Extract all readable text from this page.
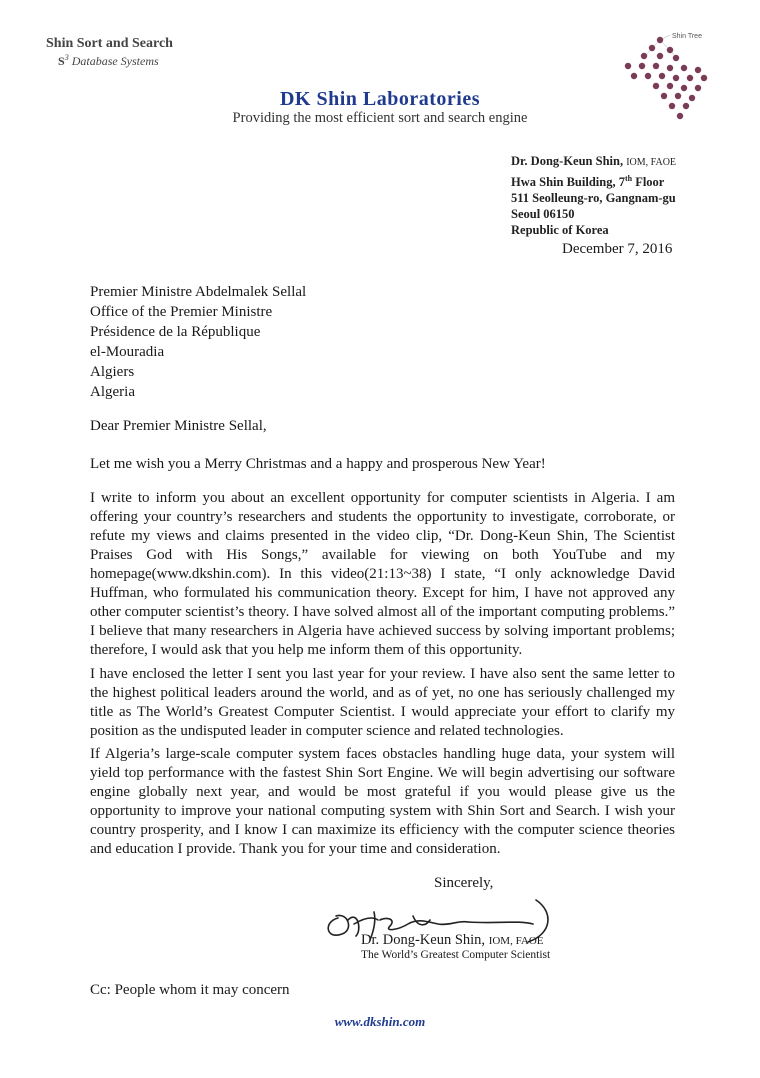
Shin Sort and Search
$S^3$ Database Systems
Shin Tree
DK Shin Laboratories
Providing the most efficient sort and search engine
Dr. Dong-Keun Shin, IOM, FAOE
Hwa Shin Building, 7th Floor
511 Seolleung-ro, Gangnam-gu
Seoul 06150
Republic of Korea
December 7, 2016
Premier Ministre Abdelmalek Sellal
Office of the Premier Ministre
Présidence de la République
el-Mouradia
Algiers
Algeria
Dear Premier Ministre Sellal,
Let me wish you a Merry Christmas and a happy and prosperous New Year!
I write to inform you about an excellent opportunity for computer scientists in Algeria. I am offering your country’s researchers and students the opportunity to investigate, corroborate, or refute my views and claims presented in the video clip, “Dr. Dong-Keun Shin, The Scientist Praises God with His Songs,” available for viewing on both YouTube and my homepage(www.dkshin.com). In this video(21:13~38) I state, “I only acknowledge David Huffman, who formulated his communication theory. Except for him, I have not approved any other computer scientist’s theory. I have solved almost all of the important computing problems.” I believe that many researchers in Algeria have achieved success by solving important problems; therefore, I would ask that you help me inform them of this opportunity.
I have enclosed the letter I sent you last year for your review. I have also sent the same letter to the highest political leaders around the world, and as of yet, no one has seriously challenged my title as The World’s Greatest Computer Scientist. I would appreciate your effort to clarify my position as the undisputed leader in computer science and related technologies.
If Algeria’s large-scale computer system faces obstacles handling huge data, your system will yield top performance with the fastest Shin Sort Engine. We will begin advertising our software engine globally next year, and would be most grateful if you would please give us the opportunity to improve your national computing system with Shin Sort and Search. I wish your country prosperity, and I know I can maximize its efficiency with the computer science theories and education I provide. Thank you for your time and consideration.
Sincerely,
Dr. Dong-Keun Shin, IOM, FAOE
The World’s Greatest Computer Scientist
Cc: People whom it may concern
www.dkshin.com
